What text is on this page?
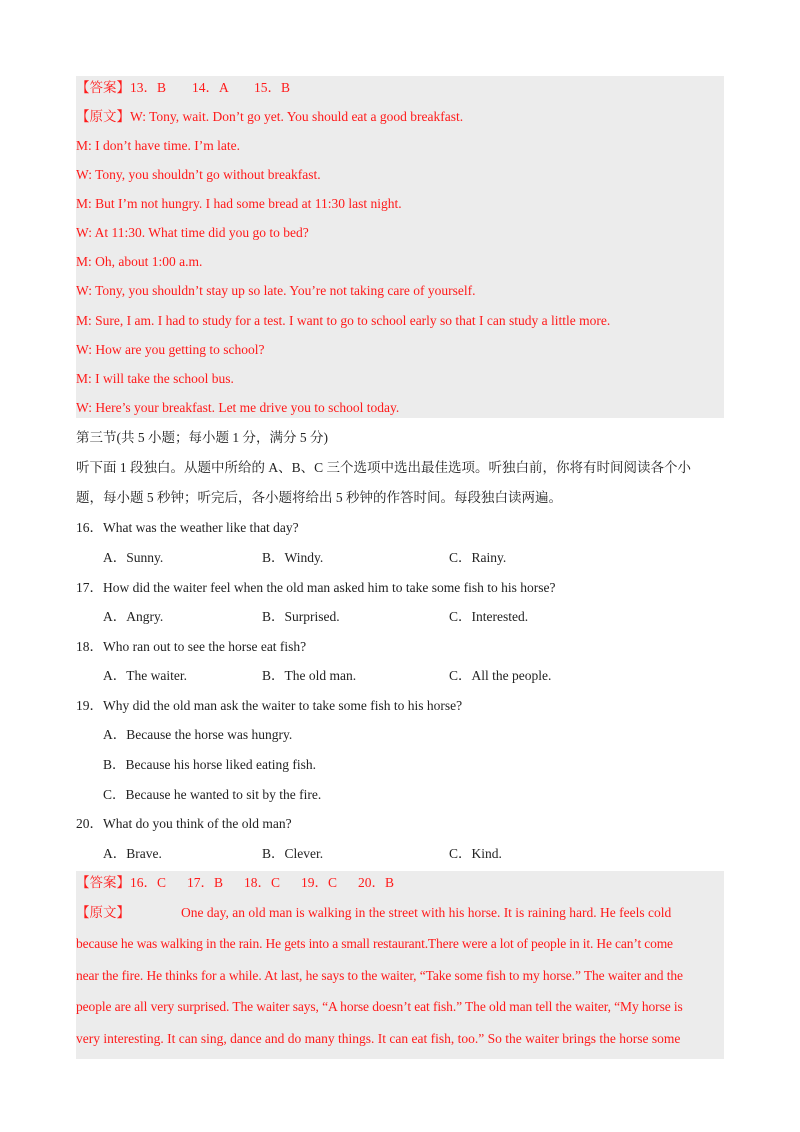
【答案】13．B 14．A 15．B
【原文】W: Tony, wait. Don’t go yet. You should eat a good breakfast.
M: I don’t have time. I’m late.
W: Tony, you shouldn’t go without breakfast.
M: But I’m not hungry. I had some bread at 11:30 last night.
W: At 11:30. What time did you go to bed?
M: Oh, about 1:00 a.m.
W: Tony, you shouldn’t stay up so late. You’re not taking care of yourself.
M: Sure, I am. I had to study for a test. I want to go to school early so that I can study a little more.
W: How are you getting to school?
M: I will take the school bus.
W: Here’s your breakfast. Let me drive you to school today.
第三节(共 5 小题；每小题 1 分，满分 5 分)
听下面 1 段独白。从题中所给的 A、B、C 三个选项中选出最佳选项。听独白前，你将有时间阅读各个小
题，每小题 5 秒钟；听完后，各小题将给出 5 秒钟的作答时间。每段独白读两遍。
16．What was the weather like that day?
A．Sunny.	B．Windy.	C．Rainy.
17．How did the waiter feel when the old man asked him to take some fish to his horse?
A．Angry.	B．Surprised.	C．Interested.
18．Who ran out to see the horse eat fish?
A．The waiter.	B．The old man.	C．All the people.
19．Why did the old man ask the waiter to take some fish to his horse?
A．Because the horse was hungry.
B．Because his horse liked eating fish.
C．Because he wanted to sit by the fire.
20．What do you think of the old man?
A．Brave.	B．Clever.	C．Kind.
【答案】16．C 17．B 18．C 19．C 20．B
【原文】	One day, an old man is walking in the street with his horse. It is raining hard. He feels cold
because he was walking in the rain. He gets into a small restaurant.There were a lot of people in it. He can’t come
near the fire. He thinks for a while. At last, he says to the waiter, “Take some fish to my horse.” The waiter and the
people are all very surprised. The waiter says, “A horse doesn’t eat fish.” The old man tell the waiter, “My horse is
very interesting. It can sing, dance and do many things. It can eat fish, too.” So the waiter brings the horse some
